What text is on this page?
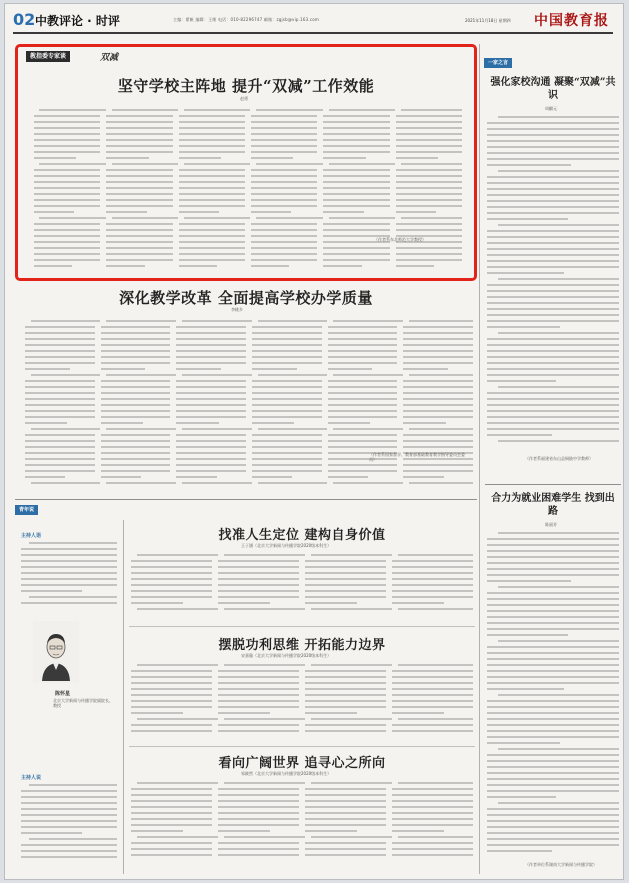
02 中教评论 · 时评	主编：翟帆 编辑：王维 电话：010-82296747 邮箱：zgjsb@vip.163.com	2021年11月18日 星期四 中国教育报
教指委专家谈	双减
坚守学校主阵地 提升“双减”工作效能
赵勇
（作者系东北师范大学教授）
深化教学改革 全面提高学校办学质量
李桃乡
（作者系国家督学、教育部基础教育教学指导委员会委员）
一家之言
强化家校沟通 凝聚“双减”共识
周麒元
（作者系福建省东山县铜陵中学教师）
合力为就业困难学生 找到出路
陈丽芳
（作者单位系湖南大学新闻与传播学院）
青年说
主持人语
陈怀星
北京大学新闻与传播学院副院长、教授
主持人说
找准人生定位 建构自身价值
王子涵（北京大学新闻与传播学院2020级本科生）
摆脱功利思维 开拓能力边界
宋嘉璇（北京大学新闻与传播学院2020级本科生）
看向广阔世界 追寻心之所向
邹筱然（北京大学新闻与传播学院2020级本科生）
